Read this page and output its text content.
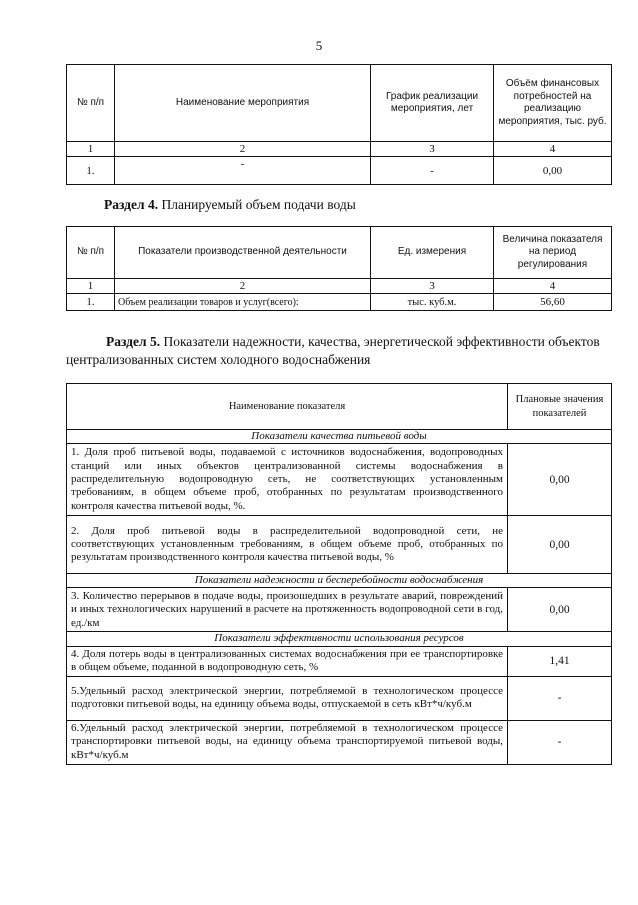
5
№ п/п	Наименование мероприятия	График реализации мероприятия, лет	Объём финансовых потребностей на реализацию мероприятия, тыс. руб.
1	2	3	4
1.	-	-	0,00
Раздел 4. Планируемый объем подачи воды
№ п/п	Показатели производственной деятельности	Ед. измерения	Величина показателя на период регулирования
1	2	3	4
1.	Объем реализации товаров и услуг(всего):	тыс. куб.м.	56,60
Раздел 5. Показатели надежности, качества, энергетической эффективности объектов централизованных систем холодного водоснабжения
Наименование показателя	Плановые значения показателей
Показатели качества питьевой воды	
1. Доля проб питьевой воды, подаваемой с источников водоснабжения, водопроводных станций или иных объектов централизованной системы водоснабжения в распределительную водопроводную сеть, не соответствующих установленным требованиям, в общем объеме проб, отобранных по результатам производственного контроля качества питьевой воды, %.	0,00
2. Доля проб питьевой воды в распределительной водопроводной сети, не соответствующих установленным требованиям, в общем объеме проб, отобранных по результатам производственного контроля качества питьевой воды, %	0,00
Показатели надежности и бесперебойности водоснабжения	
3. Количество перерывов в подаче воды, произошедших в результате аварий, повреждений и иных технологических нарушений в расчете на протяженность водопроводной сети в год, ед./км	0,00
Показатели эффективности использования ресурсов	
4. Доля потерь воды в централизованных системах водоснабжения при ее транспортировке в общем объеме, поданной в водопроводную сеть, %	1,41
5.Удельный расход электрической энергии, потребляемой в технологическом процессе подготовки питьевой воды, на единицу объема воды, отпускаемой в сеть кВт*ч/куб.м	-
6.Удельный расход электрической энергии, потребляемой в технологическом процессе транспортировки питьевой воды, на единицу объема транспортируемой питьевой воды, кВт*ч/куб.м	-
